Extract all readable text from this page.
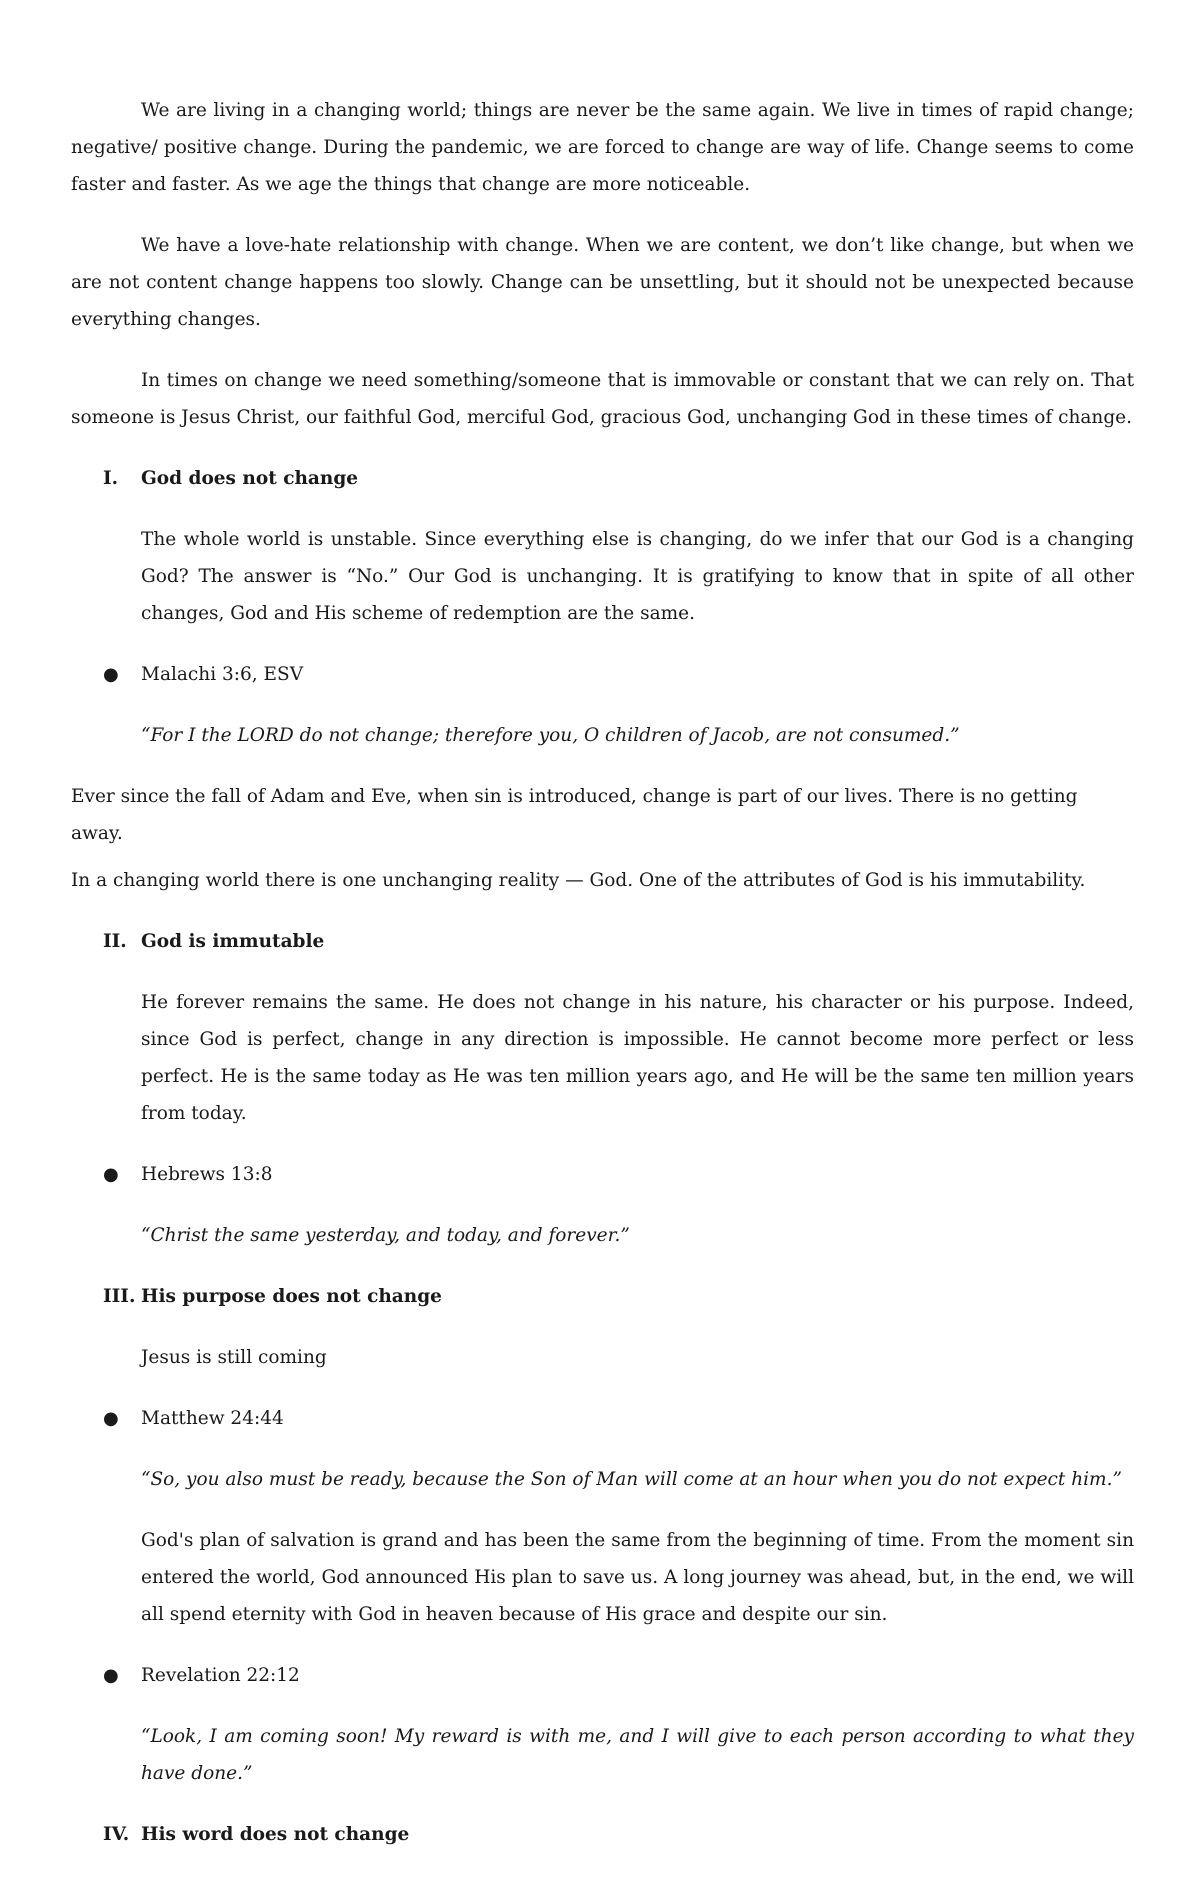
We are living in a changing world; things are never be the same again. We live in times of rapid change; negative/ positive change. During the pandemic, we are forced to change are way of life. Change seems to come faster and faster. As we age the things that change are more noticeable.

We have a love-hate relationship with change. When we are content, we don’t like change, but when we are not content change happens too slowly. Change can be unsettling, but it should not be unexpected because everything changes.

In times on change we need something/someone that is immovable or constant that we can rely on. That someone is Jesus Christ, our faithful God, merciful God, gracious God, unchanging God in these times of change.

I.	God does not change

The whole world is unstable. Since everything else is changing, do we infer that our God is a changing God? The answer is “No.” Our God is unchanging. It is gratifying to know that in spite of all other changes, God and His scheme of redemption are the same.

●	Malachi 3:6, ESV

“For I the LORD do not change; therefore you, O children of Jacob, are not consumed.”

Ever since the fall of Adam and Eve, when sin is introduced, change is part of our lives. There is no getting away.

In a changing world there is one unchanging reality — God. One of the attributes of God is his immutability.

II. God is immutable

He forever remains the same. He does not change in his nature, his character or his purpose. Indeed, since God is perfect, change in any direction is impossible. He cannot become more perfect or less perfect. He is the same today as He was ten million years ago, and He will be the same ten million years from today.

●	Hebrews 13:8

“Christ the same yesterday, and today, and forever.”

III. His purpose does not change

Jesus is still coming

●	Matthew 24:44

“So, you also must be ready, because the Son of Man will come at an hour when you do not expect him.”

God's plan of salvation is grand and has been the same from the beginning of time. From the moment sin entered the world, God announced His plan to save us. A long journey was ahead, but, in the end, we will all spend eternity with God in heaven because of His grace and despite our sin.

●	Revelation 22:12

“Look, I am coming soon! My reward is with me, and I will give to each person according to what they have done.”

IV. His word does not change
